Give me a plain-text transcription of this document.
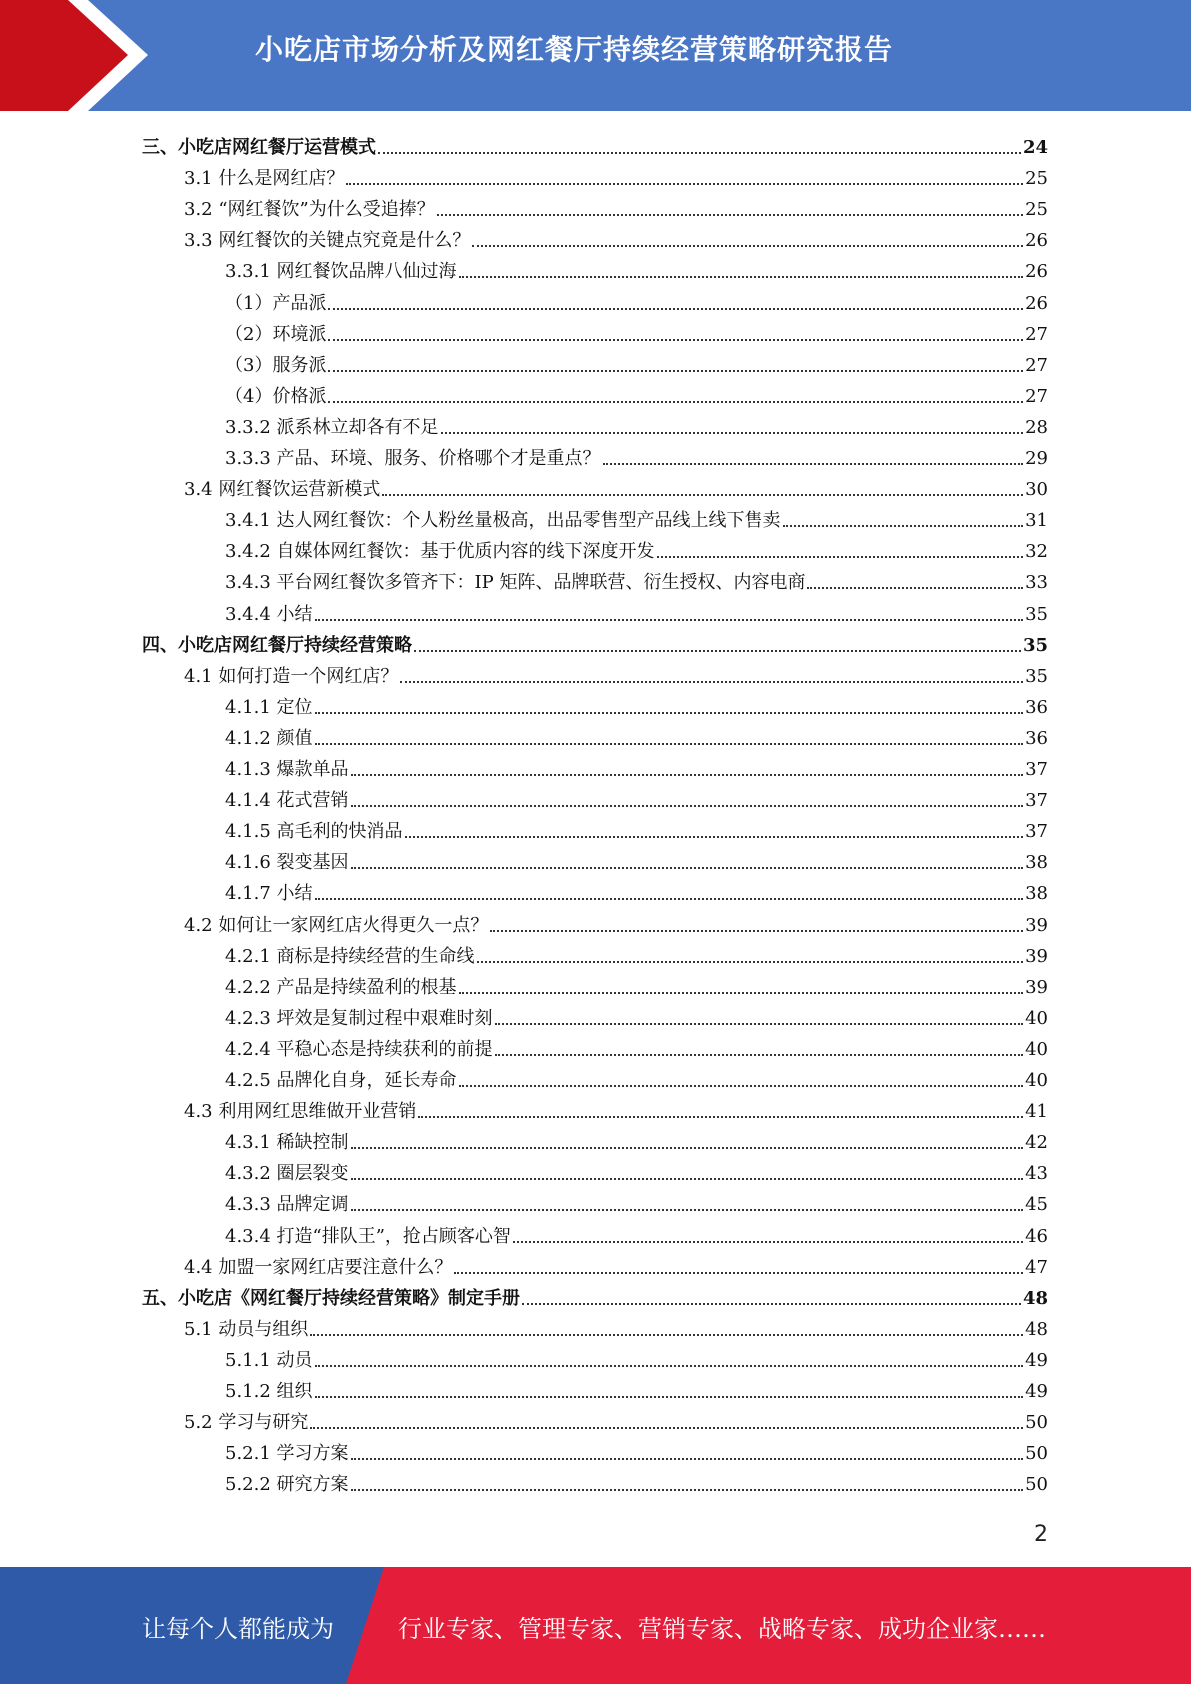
小吃店市场分析及网红餐厅持续经营策略研究报告
三、小吃店网红餐厅运营模式	24
3.1 什么是网红店？	25
3.2 “网红餐饮”为什么受追捧？	25
3.3 网红餐饮的关键点究竟是什么？	26
3.3.1 网红餐饮品牌八仙过海	26
（1）产品派	26
（2）环境派	27
（3）服务派	27
（4）价格派	27
3.3.2 派系林立却各有不足	28
3.3.3 产品、环境、服务、价格哪个才是重点？	29
3.4 网红餐饮运营新模式	30
3.4.1 达人网红餐饮：个人粉丝量极高，出品零售型产品线上线下售卖	31
3.4.2 自媒体网红餐饮：基于优质内容的线下深度开发	32
3.4.3 平台网红餐饮多管齐下：IP 矩阵、品牌联营、衍生授权、内容电商	33
3.4.4 小结	35
四、小吃店网红餐厅持续经营策略	35
4.1 如何打造一个网红店？	35
4.1.1 定位	36
4.1.2 颜值	36
4.1.3 爆款单品	37
4.1.4 花式营销	37
4.1.5 高毛利的快消品	37
4.1.6 裂变基因	38
4.1.7 小结	38
4.2 如何让一家网红店火得更久一点？	39
4.2.1 商标是持续经营的生命线	39
4.2.2 产品是持续盈利的根基	39
4.2.3 坪效是复制过程中艰难时刻	40
4.2.4 平稳心态是持续获利的前提	40
4.2.5 品牌化自身，延长寿命	40
4.3 利用网红思维做开业营销	41
4.3.1 稀缺控制	42
4.3.2 圈层裂变	43
4.3.3 品牌定调	45
4.3.4 打造“排队王”，抢占顾客心智	46
4.4 加盟一家网红店要注意什么？	47
五、小吃店《网红餐厅持续经营策略》制定手册	48
5.1 动员与组织	48
5.1.1 动员	49
5.1.2 组织	49
5.2 学习与研究	50
5.2.1 学习方案	50
5.2.2 研究方案	50
2
让每个人都能成为	行业专家、管理专家、营销专家、战略专家、成功企业家……
